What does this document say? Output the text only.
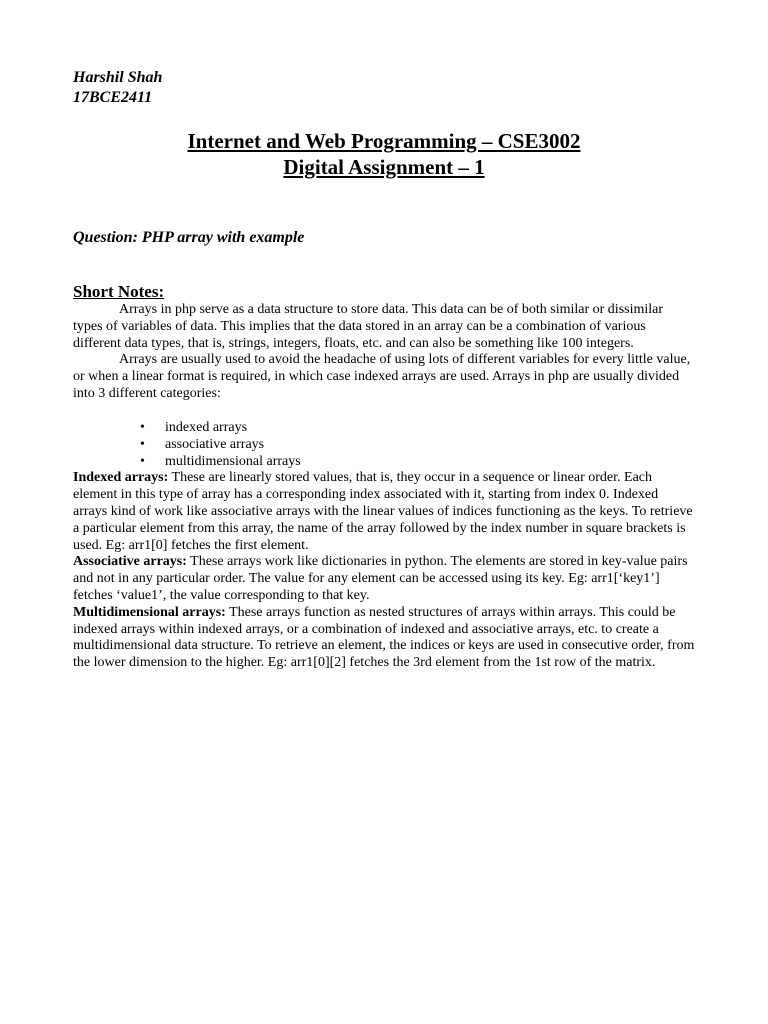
Harshil Shah

17BCE2411

Internet and Web Programming – CSE3002

Digital Assignment – 1

Question: PHP array with example
Short Notes:

Arrays in php serve as a data structure to store data. This data can be of both similar or dissimilar types of variables of data. This implies that the data stored in an array can be a combination of various different data types, that is, strings, integers, floats, etc. and can also be something like 100 integers.

Arrays are usually used to avoid the headache of using lots of different variables for every little value, or when a linear format is required, in which case indexed arrays are used. Arrays in php are usually divided into 3 different categories:

• indexed arrays
• associative arrays
• multidimensional arrays

Indexed arrays: These are linearly stored values, that is, they occur in a sequence or linear order. Each element in this type of array has a corresponding index associated with it, starting from index 0. Indexed arrays kind of work like associative arrays with the linear values of indices functioning as the keys. To retrieve a particular element from this array, the name of the array followed by the index number in square brackets is used. Eg: arr1[0] fetches the first element.

Associative arrays: These arrays work like dictionaries in python. The elements are stored in key-value pairs and not in any particular order. The value for any element can be accessed using its key. Eg: arr1[‘key1’] fetches ‘value1’, the value corresponding to that key.

Multidimensional arrays: These arrays function as nested structures of arrays within arrays. This could be indexed arrays within indexed arrays, or a combination of indexed and associative arrays, etc. to create a multidimensional data structure. To retrieve an element, the indices or keys are used in consecutive order, from the lower dimension to the higher. Eg: arr1[0][2] fetches the 3rd element from the 1st row of the matrix.
